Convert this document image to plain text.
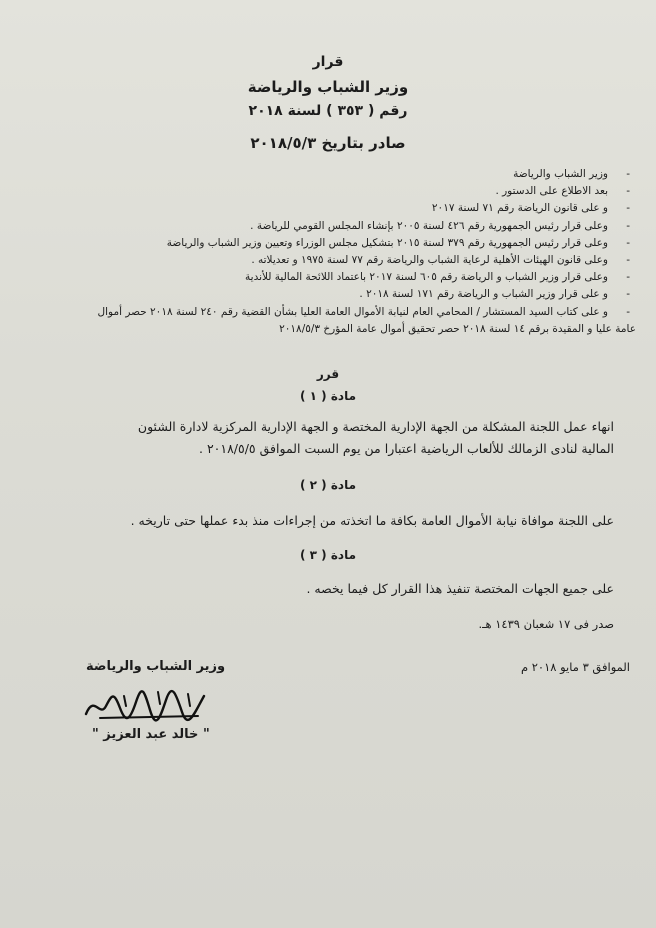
قرار
وزير الشباب والرياضة
رقم ( ٣٥٣ ) لسنة ٢٠١٨
صادر بتاريخ ٢٠١٨/٥/٣
- وزير الشباب والرياضة
- بعد الاطلاع على الدستور .
- و على قانون الرياضة رقم ٧١ لسنة ٢٠١٧
- وعلى قرار رئيس الجمهورية رقم ٤٢٦ لسنة ٢٠٠٥ بإنشاء المجلس القومي للرياضة .
- وعلى قرار رئيس الجمهورية رقم ٣٧٩ لسنة ٢٠١٥ بتشكيل مجلس الوزراء وتعيين وزير الشباب والرياضة
- وعلى قانون الهيئات الأهلية لرعاية الشباب والرياضة رقم ٧٧ لسنة ١٩٧٥ و تعديلاته .
- وعلى قرار وزير الشباب و الرياضة رقم ٦٠٥ لسنة ٢٠١٧ باعتماد اللائحة المالية للأندية
- و على قرار وزير الشباب و الرياضة رقم ١٧١ لسنة ٢٠١٨ .
- و على كتاب السيد المستشار / المحامي العام لنيابة الأموال العامة العليا بشأن القضية رقم ٢٤٠ لسنة ٢٠١٨ حصر أموال
عامة عليا و المقيدة برقم ١٤ لسنة ٢٠١٨ حصر تحقيق أموال عامة المؤرخ ٢٠١٨/٥/٣
قرر
مادة ( ١ )
انهاء عمل اللجنة المشكلة من الجهة الإدارية المختصة و الجهة الإدارية المركزية لادارة الشئون
المالية لنادى الزمالك للألعاب الرياضية اعتبارا من يوم السبت الموافق ٢٠١٨/٥/٥ .
مادة ( ٢ )
على اللجنة موافاة نيابة الأموال العامة بكافة ما اتخذته من إجراءات منذ بدء عملها حتى تاريخه .
مادة ( ٣ )
على جميع الجهات المختصة تنفيذ هذا القرار كل فيما يخصه .
صدر فى ١٧ شعبان ١٤٣٩ هـ.
الموافق ٣ مايو ٢٠١٨ م
وزير الشباب والرياضة
" خالد عبد العزيز "
